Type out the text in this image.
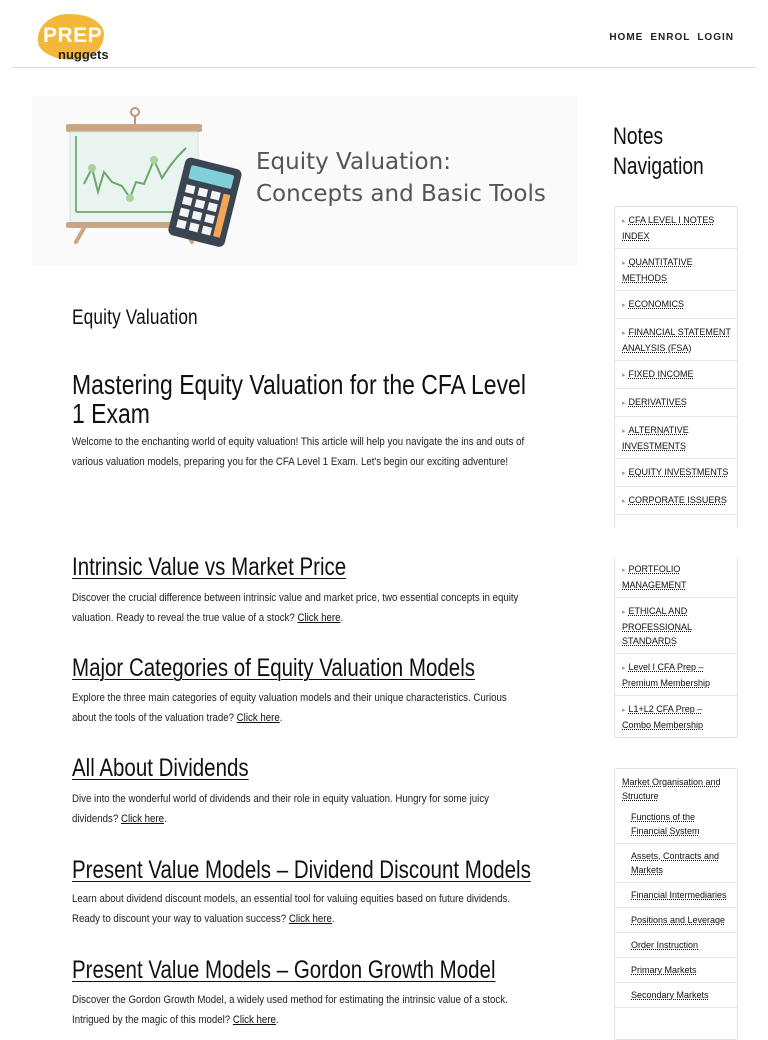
PREP
nuggets
HOME ENROL LOGIN
Equity Valuation:
Concepts and Basic Tools
Equity Valuation
Mastering Equity Valuation for the CFA Level 1 Exam
Welcome to the enchanting world of equity valuation! This article will help you navigate the ins and outs of various valuation models, preparing you for the CFA Level 1 Exam. Let's begin our exciting adventure!
Intrinsic Value vs Market Price
Discover the crucial difference between intrinsic value and market price, two essential concepts in equity valuation. Ready to reveal the true value of a stock? Click here.
Major Categories of Equity Valuation Models
Explore the three main categories of equity valuation models and their unique characteristics. Curious about the tools of the valuation trade? Click here.
All About Dividends
Dive into the wonderful world of dividends and their role in equity valuation. Hungry for some juicy dividends? Click here.
Present Value Models – Dividend Discount Models
Learn about dividend discount models, an essential tool for valuing equities based on future dividends. Ready to discount your way to valuation success? Click here.
Present Value Models – Gordon Growth Model
Discover the Gordon Growth Model, a widely used method for estimating the intrinsic value of a stock. Intrigued by the magic of this model? Click here.
Notes
Navigation
▸ CFA LEVEL I NOTES INDEX
▸ QUANTITATIVE METHODS
▸ ECONOMICS
▸ FINANCIAL STATEMENT ANALYSIS (FSA)
▸ FIXED INCOME
▸ DERIVATIVES
▸ ALTERNATIVE INVESTMENTS
▸ EQUITY INVESTMENTS
▸ CORPORATE ISSUERS
▸ PORTFOLIO MANAGEMENT
▸ ETHICAL AND PROFESSIONAL STANDARDS
▸ Level I CFA Prep – Premium Membership
▸ L1+L2 CFA Prep – Combo Membership
Market Organisation and Structure
Functions of the Financial System
Assets, Contracts and Markets
Financial Intermediaries
Positions and Leverage
Order Instruction
Primary Markets
Secondary Markets
